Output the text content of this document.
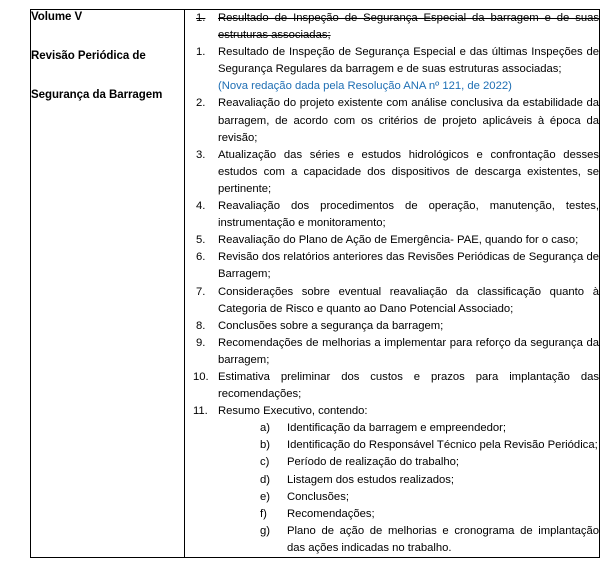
Volume V
Revisão Periódica de
Segurança da Barragem

1.	Resultado de Inspeção de Segurança Especial da barragem e de suas estruturas associadas;
1.	Resultado de Inspeção de Segurança Especial e das últimas Inspeções de Segurança Regulares da barragem e de suas estruturas associadas;
(Nova redação dada pela Resolução ANA nº 121, de 2022)
2.	Reavaliação do projeto existente com análise conclusiva da estabilidade da barragem, de acordo com os critérios de projeto aplicáveis à época da revisão;
3.	Atualização das séries e estudos hidrológicos e confrontação desses estudos com a capacidade dos dispositivos de descarga existentes, se pertinente;
4.	Reavaliação dos procedimentos de operação, manutenção, testes, instrumentação e monitoramento;
5.	Reavaliação do Plano de Ação de Emergência- PAE, quando for o caso;
6.	Revisão dos relatórios anteriores das Revisões Periódicas de Segurança de Barragem;
7.	Considerações sobre eventual reavaliação da classificação quanto à Categoria de Risco e quanto ao Dano Potencial Associado;
8.	Conclusões sobre a segurança da barragem;
9.	Recomendações de melhorias a implementar para reforço da segurança da barragem;
10. Estimativa preliminar dos custos e prazos para implantação das recomendações;
11. Resumo Executivo, contendo:
a)	Identificação da barragem e empreendedor;
b)	Identificação do Responsável Técnico pela Revisão Periódica;
c)	Período de realização do trabalho;
d)	Listagem dos estudos realizados;
e)	Conclusões;
f)	Recomendações;
g)	Plano de ação de melhorias e cronograma de implantação das ações indicadas no trabalho.
